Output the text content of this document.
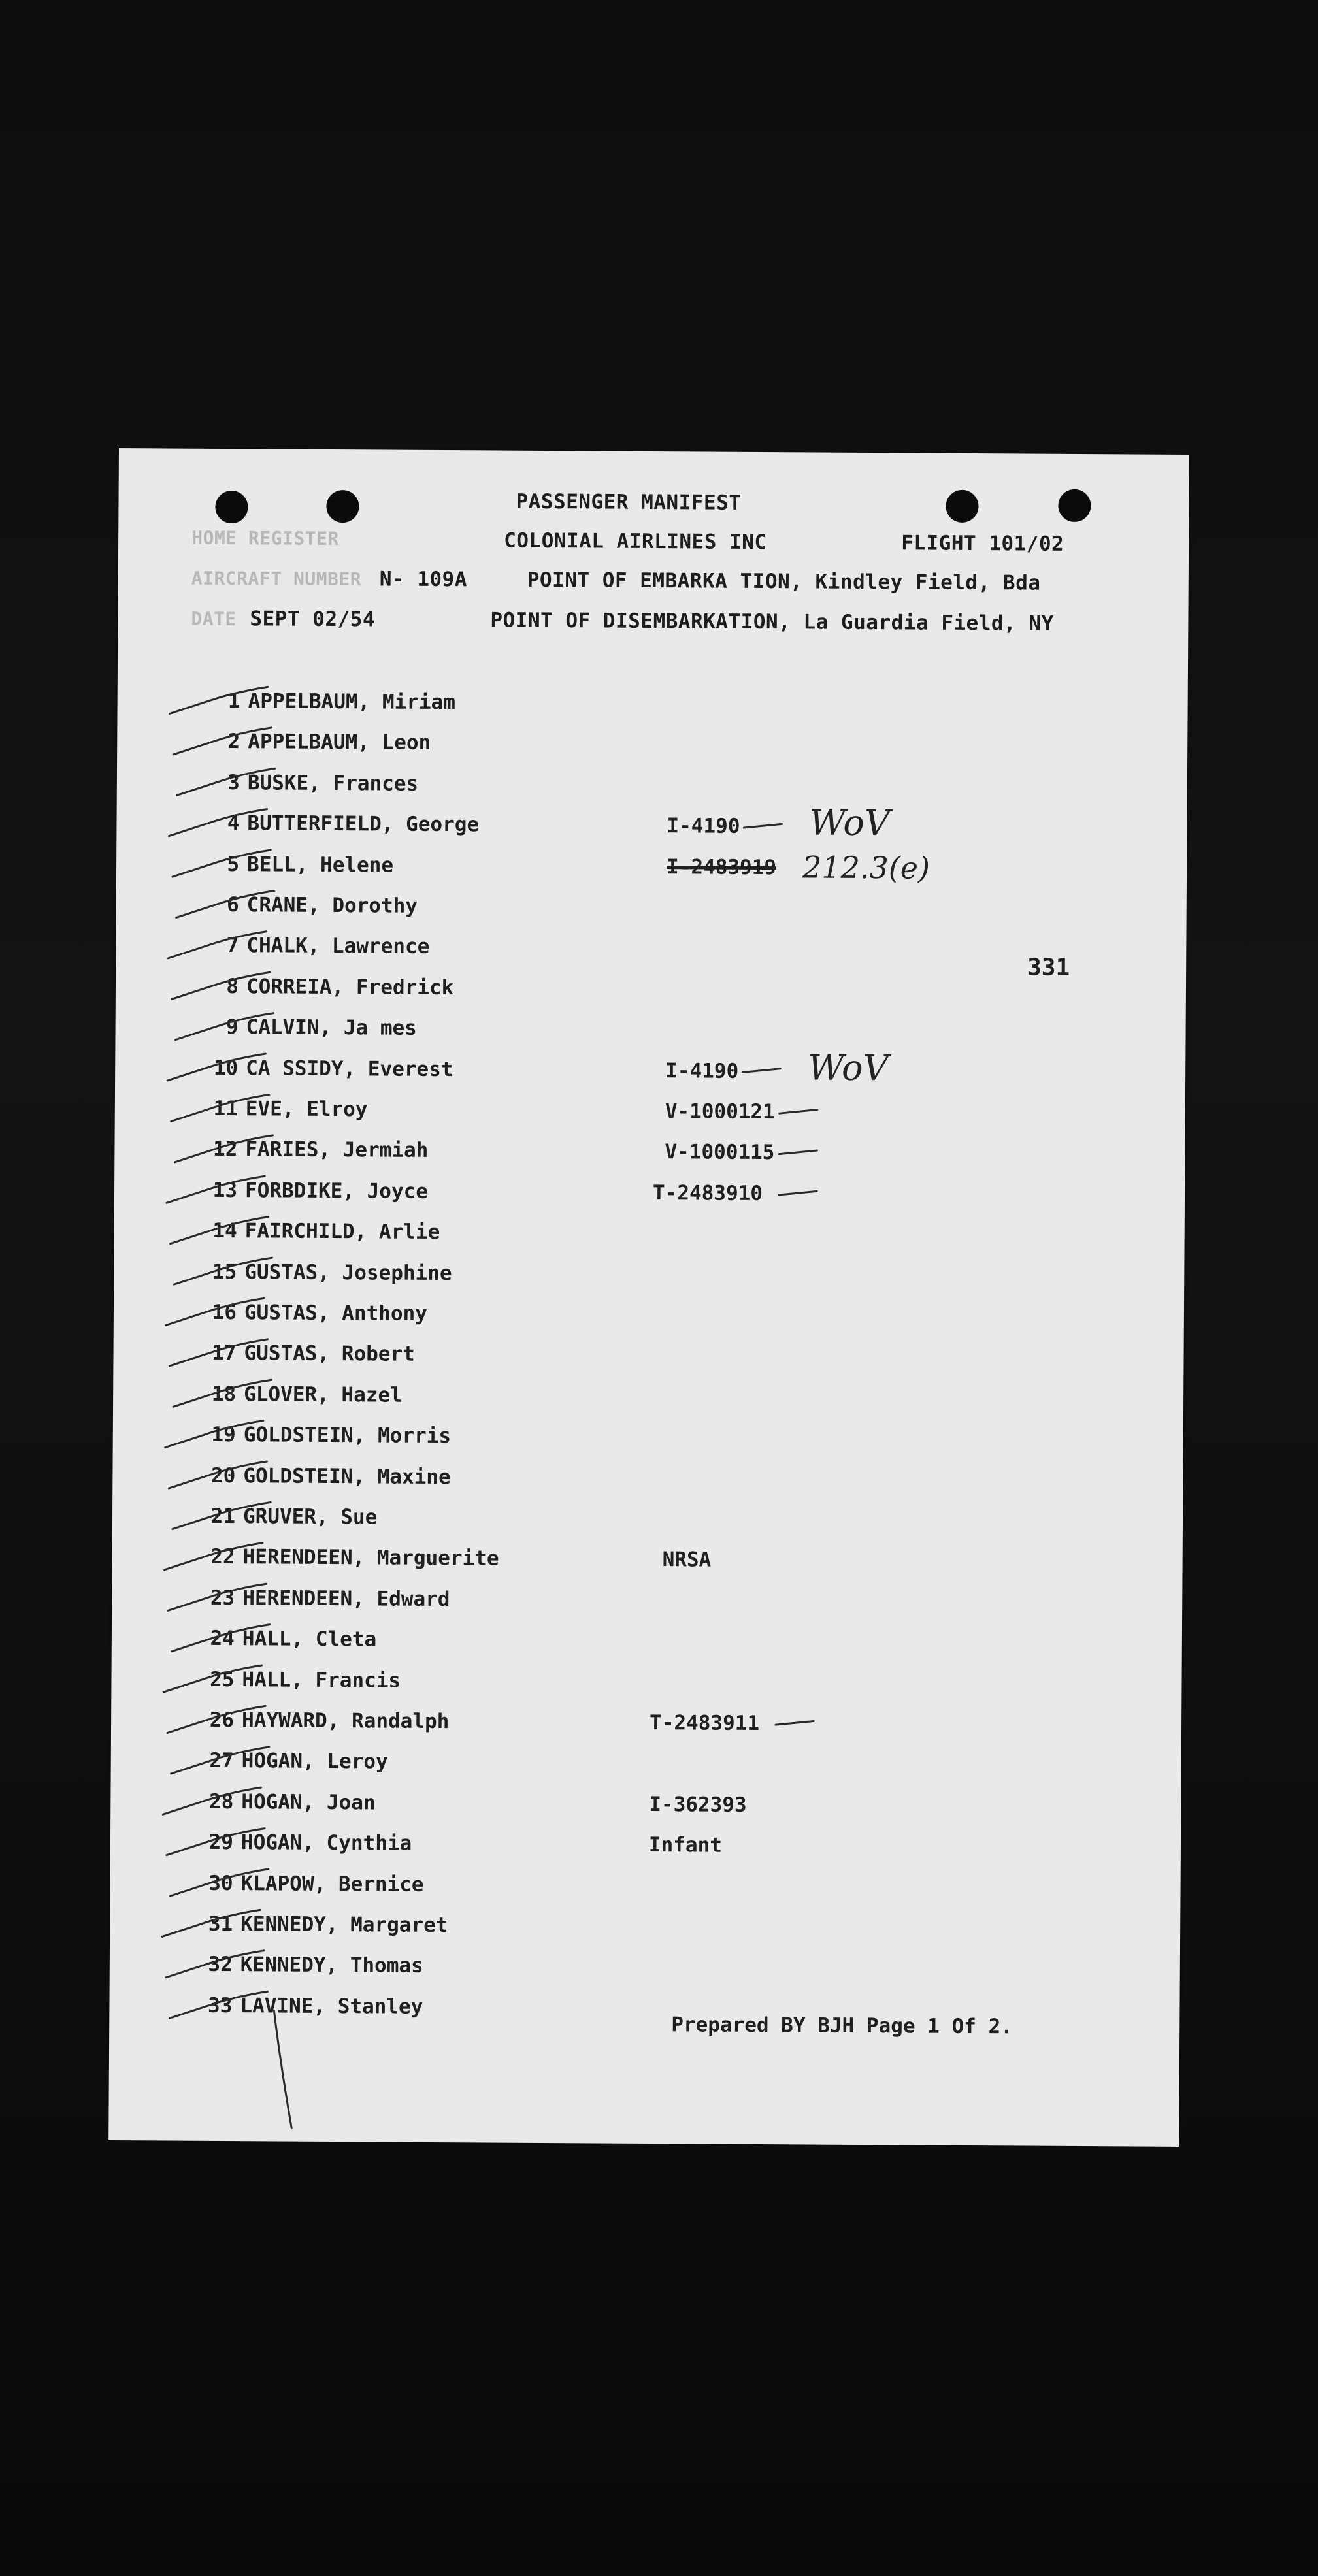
PASSENGER MANIFEST
HOME REGISTER	COLONIAL AIRLINES INC	FLIGHT 101/02
AIRCRAFT NUMBER N- 109A	POINT OF EMBARKA TION, Kindley Field, Bda
DATE SEPT 02/54	POINT OF DISEMBARKATION, La Guardia Field, NY
331
1 APPELBAUM, Miriam
2 APPELBAUM, Leon
3 BUSKE, Frances
4 BUTTERFIELD, George	I-4190 WoV
5 BELL, Helene	I-2483919 212.3(e)
6 CRANE, Dorothy
7 CHALK, Lawrence
8 CORREIA, Fredrick
9 CALVIN, Ja mes
10 CA SSIDY, Everest	I-4190 WoV
11 EVE, Elroy	V-1000121
12 FARIES, Jermiah	V-1000115
13 FORBDIKE, Joyce	T-2483910
14 FAIRCHILD, Arlie
15 GUSTAS, Josephine
16 GUSTAS, Anthony
17 GUSTAS, Robert
18 GLOVER, Hazel
19 GOLDSTEIN, Morris
20 GOLDSTEIN, Maxine
21 GRUVER, Sue
22 HERENDEEN, Marguerite	NRSA
23 HERENDEEN, Edward
24 HALL, Cleta
25 HALL, Francis
26 HAYWARD, Randalph	T-2483911
27 HOGAN, Leroy
28 HOGAN, Joan	I-362393
29 HOGAN, Cynthia	Infant
30 KLAPOW, Bernice
31 KENNEDY, Margaret
32 KENNEDY, Thomas
33 LAVINE, Stanley
Prepared BY BJH Page 1 Of 2.
